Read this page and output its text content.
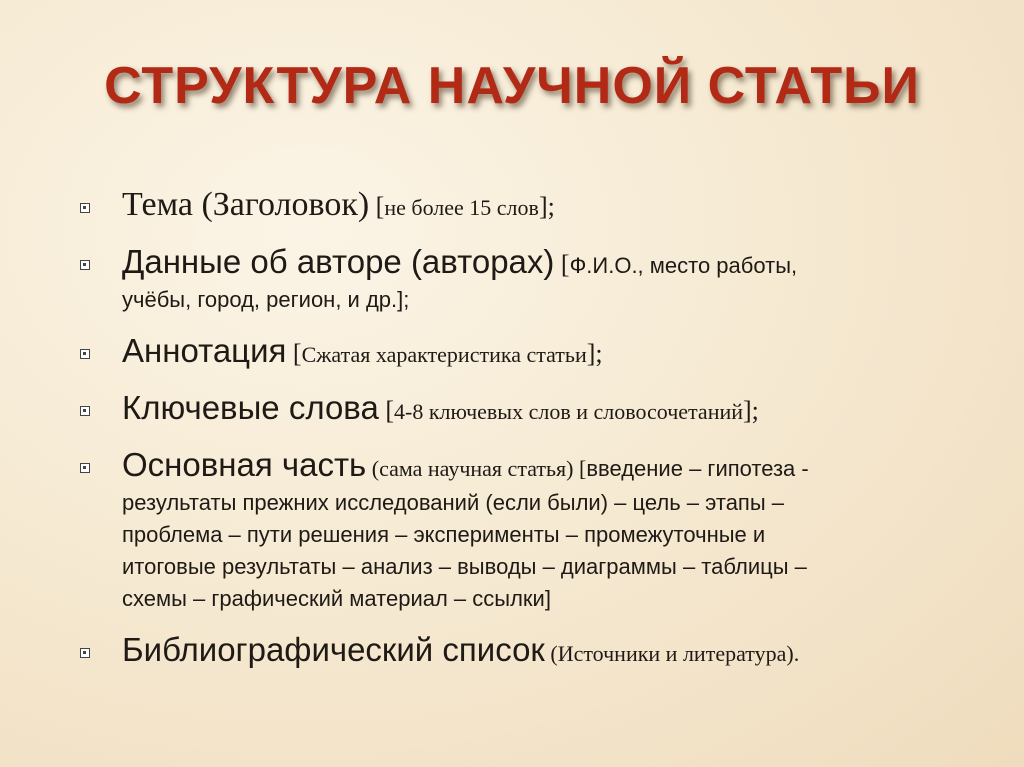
СТРУКТУРА НАУЧНОЙ СТАТЬИ
Тема (Заголовок) [не более 15 слов];
Данные об авторе (авторах) [Ф.И.О., место работы,
учёбы, город, регион, и др.];
Аннотация [Сжатая характеристика статьи];
Ключевые слова [4-8 ключевых слов и словосочетаний];
Основная часть (сама научная статья) [введение – гипотеза -
результаты прежних исследований (если были) – цель – этапы –
проблема – пути решения – эксперименты – промежуточные и
итоговые результаты – анализ – выводы – диаграммы – таблицы –
схемы – графический материал – ссылки]
Библиографический список (Источники и литература).
